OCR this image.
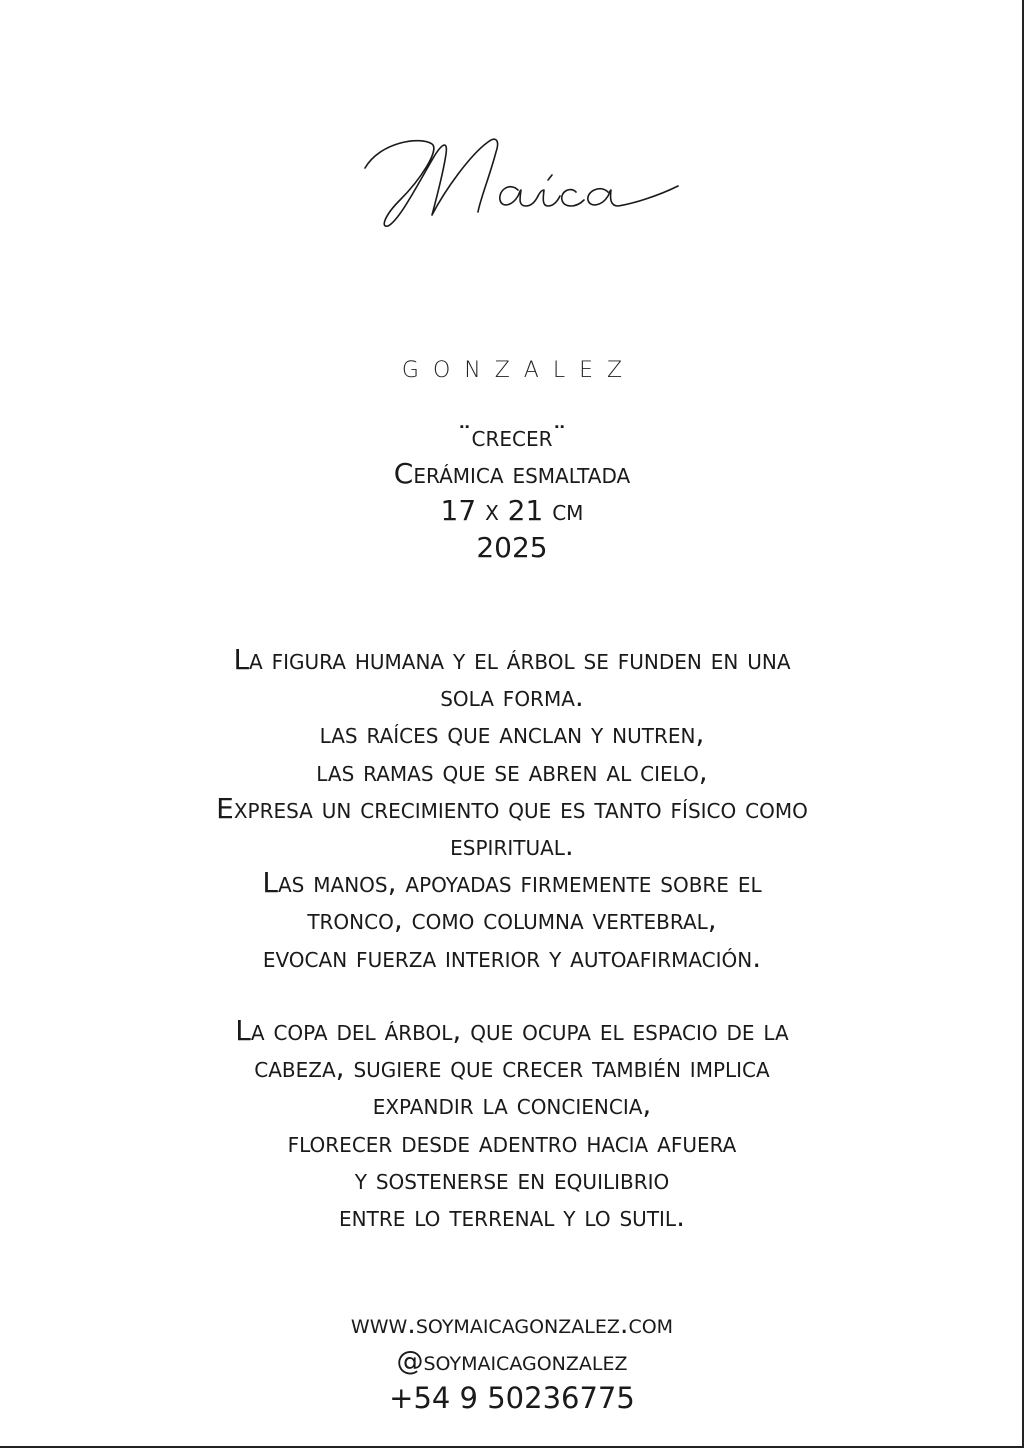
GONZALEZ
¨crecer¨
Cerámica esmaltada
17 x 21 cm
2025
La figura humana y el árbol se funden en una
sola forma.
las raíces que anclan y nutren,
las ramas que se abren al cielo,
Expresa un crecimiento que es tanto físico como
espiritual.
Las manos, apoyadas firmemente sobre el
tronco, como columna vertebral,
evocan fuerza interior y autoafirmación.
La copa del árbol, que ocupa el espacio de la
cabeza, sugiere que crecer también implica
expandir la conciencia,
florecer desde adentro hacia afuera
y sostenerse en equilibrio
entre lo terrenal y lo sutil.
www.soymaicagonzalez.com
@soymaicagonzalez
+54 9 50236775
